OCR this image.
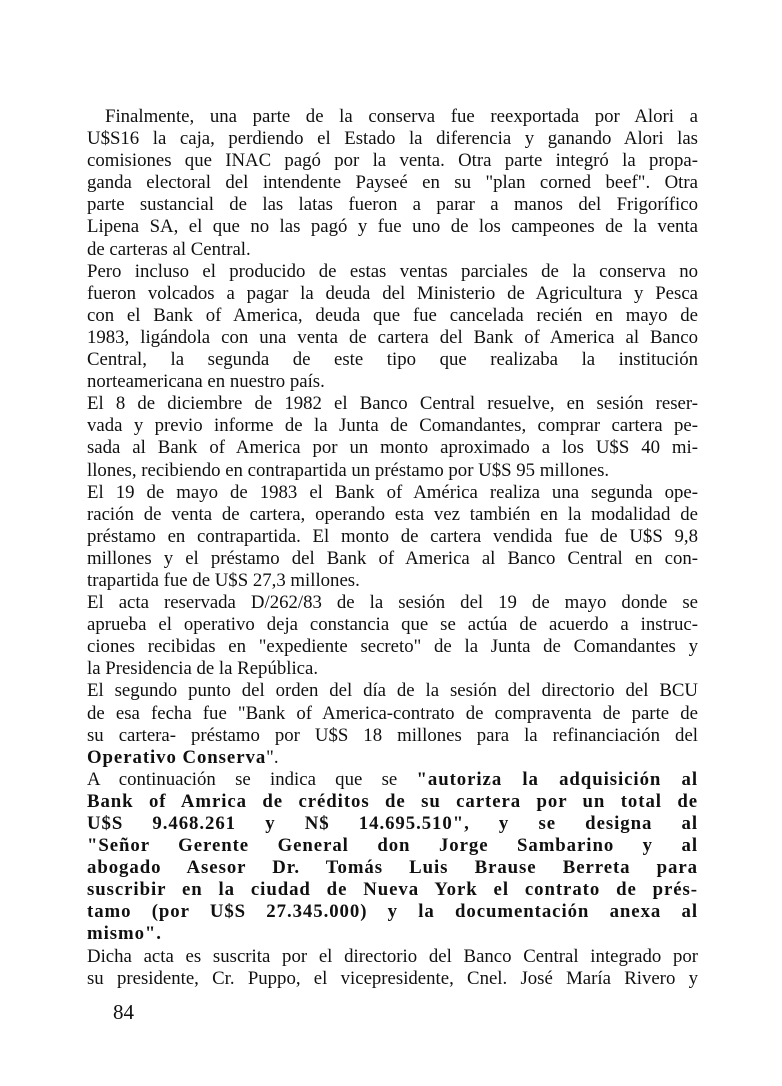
Finalmente, una parte de la conserva fue reexportada por Alori a
U$S16 la caja, perdiendo el Estado la diferencia y ganando Alori las
comisiones que INAC pagó por la venta. Otra parte integró la propa-
ganda electoral del intendente Payseé en su "plan corned beef". Otra
parte sustancial de las latas fueron a parar a manos del Frigorífico
Lipena SA, el que no las pagó y fue uno de los campeones de la venta
de carteras al Central.
Pero incluso el producido de estas ventas parciales de la conserva no
fueron volcados a pagar la deuda del Ministerio de Agricultura y Pesca
con el Bank of America, deuda que fue cancelada recién en mayo de
1983, ligándola con una venta de cartera del Bank of America al Banco
Central, la segunda de este tipo que realizaba la institución
norteamericana en nuestro país.
El 8 de diciembre de 1982 el Banco Central resuelve, en sesión reser-
vada y previo informe de la Junta de Comandantes, comprar cartera pe-
sada al Bank of America por un monto aproximado a los U$S 40 mi-
llones, recibiendo en contrapartida un préstamo por U$S 95 millones.
El 19 de mayo de 1983 el Bank of América realiza una segunda ope-
ración de venta de cartera, operando esta vez también en la modalidad de
préstamo en contrapartida. El monto de cartera vendida fue de U$S 9,8
millones y el préstamo del Bank of America al Banco Central en con-
trapartida fue de U$S 27,3 millones.
El acta reservada D/262/83 de la sesión del 19 de mayo donde se
aprueba el operativo deja constancia que se actúa de acuerdo a instruc-
ciones recibidas en "expediente secreto" de la Junta de Comandantes y
la Presidencia de la República.
El segundo punto del orden del día de la sesión del directorio del BCU
de esa fecha fue "Bank of America-contrato de compraventa de parte de
su cartera- préstamo por U$S 18 millones para la refinanciación del
Operativo Conserva".
A continuación se indica que se "autoriza la adquisición al
Bank of Amrica de créditos de su cartera por un total de
U$S 9.468.261 y N$ 14.695.510", y se designa al
"Señor Gerente General don Jorge Sambarino y al
abogado Asesor Dr. Tomás Luis Brause Berreta para
suscribir en la ciudad de Nueva York el contrato de prés-
tamo (por U$S 27.345.000) y la documentación anexa al
mismo".
Dicha acta es suscrita por el directorio del Banco Central integrado por
su presidente, Cr. Puppo, el vicepresidente, Cnel. José María Rivero y
84
